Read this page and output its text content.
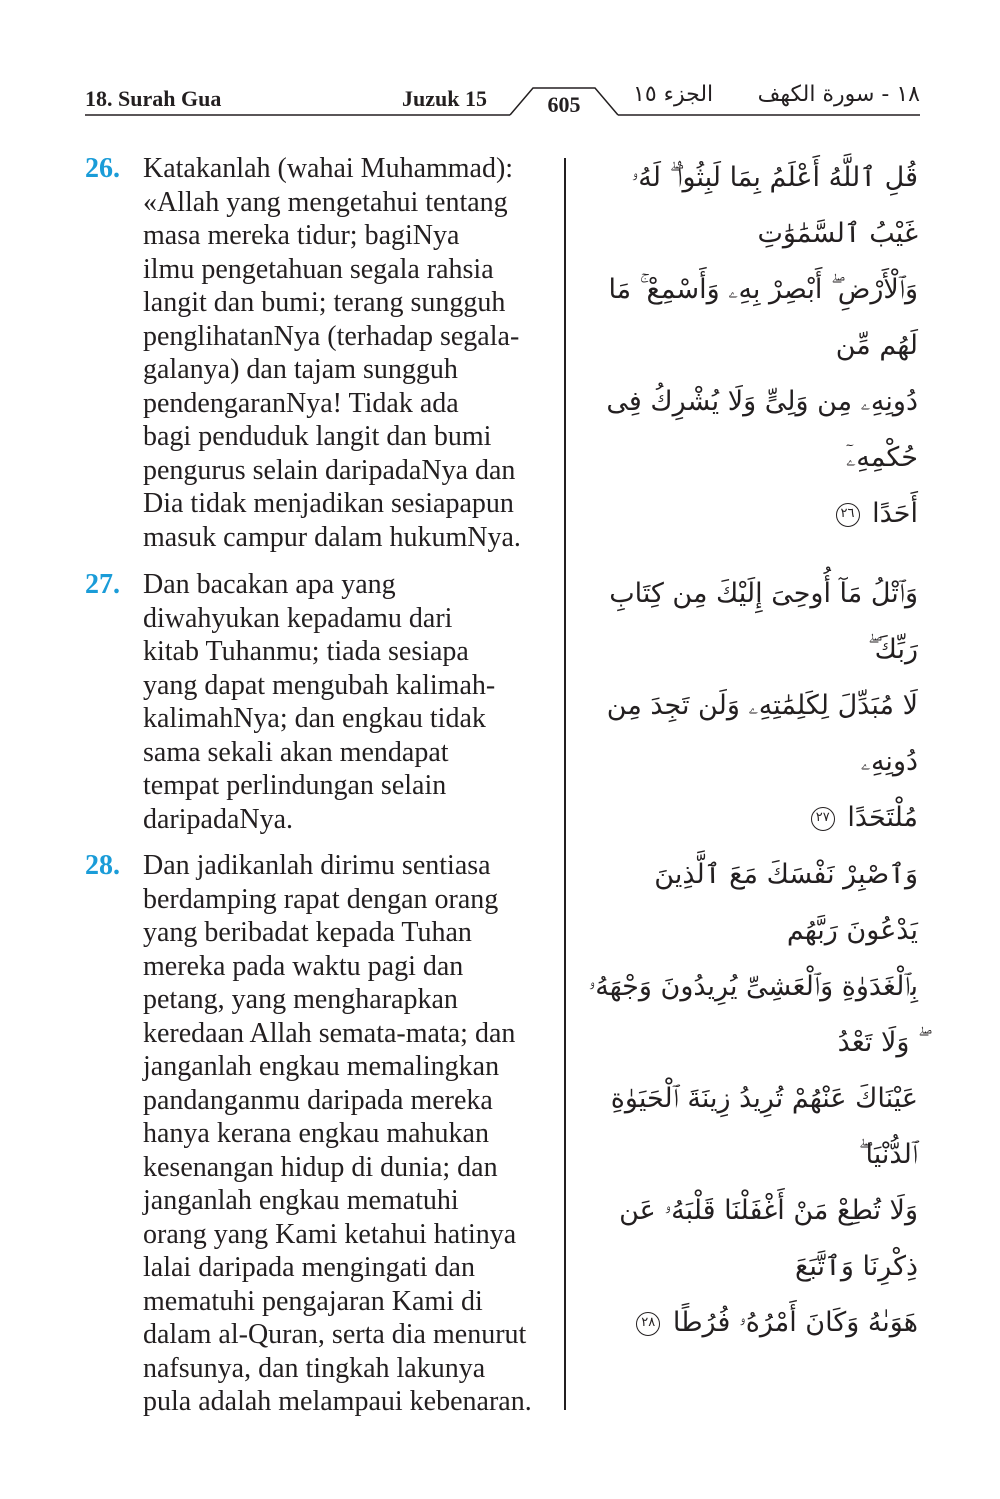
18. Surah Gua	Juzuk 15	605	الجزء ١٥ ١٨ - سورة الكهف
26. Katakanlah (wahai Muhammad):
«Allah yang mengetahui tentang
masa mereka tidur; bagiNya
ilmu pengetahuan segala rahsia
langit dan bumi; terang sungguh
penglihatanNya (terhadap segala-
galanya) dan tajam sungguh
pendengaranNya! Tidak ada
bagi penduduk langit dan bumi
pengurus selain daripadaNya dan
Dia tidak menjadikan sesiapapun
masuk campur dalam hukumNya.
قُلِ ٱللَّهُ أَعْلَمُ بِمَا لَبِثُوا۟ ۖ لَهُۥ غَيْبُ ٱلسَّمَٰوَٰتِ
وَٱلْأَرْضِ ۖ أَبْصِرْ بِهِۦ وَأَسْمِعْ ۚ مَا لَهُم مِّن
دُونِهِۦ مِن وَلِىٍّ وَلَا يُشْرِكُ فِى حُكْمِهِۦٓ
أَحَدًا ٢٦
27. Dan bacakan apa yang
diwahyukan kepadamu dari
kitab Tuhanmu; tiada sesiapa
yang dapat mengubah kalimah-
kalimahNya; dan engkau tidak
sama sekali akan mendapat
tempat perlindungan selain
daripadaNya.
وَٱتْلُ مَآ أُوحِىَ إِلَيْكَ مِن كِتَابِ رَبِّكَ ۖ
لَا مُبَدِّلَ لِكَلِمَٰتِهِۦ وَلَن تَجِدَ مِن دُونِهِۦ
مُلْتَحَدًا ٢٧
28. Dan jadikanlah dirimu sentiasa
berdamping rapat dengan orang
yang beribadat kepada Tuhan
mereka pada waktu pagi dan
petang, yang mengharapkan
keredaan Allah semata-mata; dan
janganlah engkau memalingkan
pandanganmu daripada mereka
hanya kerana engkau mahukan
kesenangan hidup di dunia; dan
janganlah engkau mematuhi
orang yang Kami ketahui hatinya
lalai daripada mengingati dan
mematuhi pengajaran Kami di
dalam al-Quran, serta dia menurut
nafsunya, dan tingkah lakunya
pula adalah melampaui kebenaran.
وَٱصْبِرْ نَفْسَكَ مَعَ ٱلَّذِينَ يَدْعُونَ رَبَّهُم
بِٱلْغَدَوٰةِ وَٱلْعَشِىِّ يُرِيدُونَ وَجْهَهُۥ ۖ وَلَا تَعْدُ
عَيْنَاكَ عَنْهُمْ تُرِيدُ زِينَةَ ٱلْحَيَوٰةِ ٱلدُّنْيَا ۖ
وَلَا تُطِعْ مَنْ أَغْفَلْنَا قَلْبَهُۥ عَن ذِكْرِنَا وَٱتَّبَعَ
هَوَىٰهُ وَكَانَ أَمْرُهُۥ فُرُطًا ٢٨
